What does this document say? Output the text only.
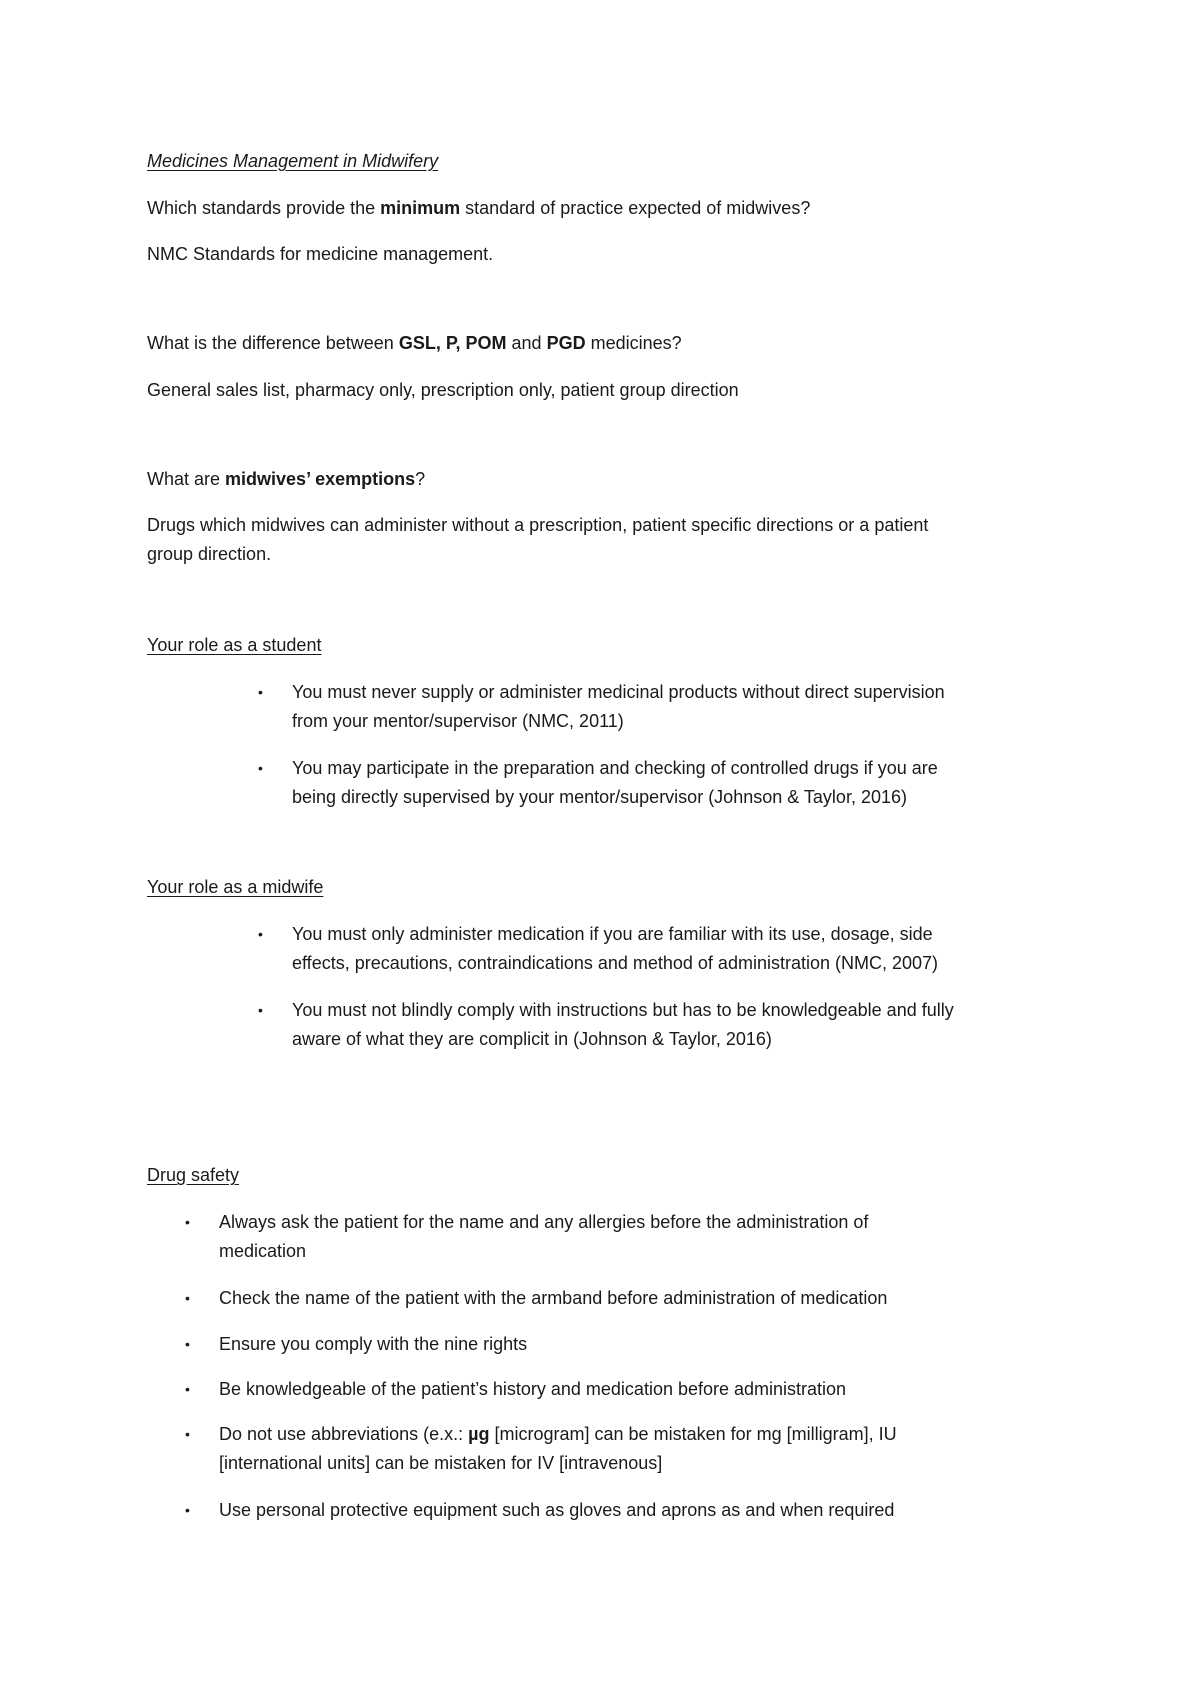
Medicines Management in Midwifery

Which standards provide the minimum standard of practice expected of midwives?

NMC Standards for medicine management.

What is the difference between GSL, P, POM and PGD medicines?

General sales list, pharmacy only, prescription only, patient group direction

What are midwives’ exemptions?

Drugs which midwives can administer without a prescription, patient specific directions or a patient

group direction.

Your role as a student

• You must never supply or administer medicinal products without direct supervision
from your mentor/supervisor (NMC, 2011)
• You may participate in the preparation and checking of controlled drugs if you are
being directly supervised by your mentor/supervisor (Johnson & Taylor, 2016)

Your role as a midwife

• You must only administer medication if you are familiar with its use, dosage, side
effects, precautions, contraindications and method of administration (NMC, 2007)
• You must not blindly comply with instructions but has to be knowledgeable and fully
aware of what they are complicit in (Johnson & Taylor, 2016)

Drug safety

• Always ask the patient for the name and any allergies before the administration of
medication
• Check the name of the patient with the armband before administration of medication
• Ensure you comply with the nine rights
• Be knowledgeable of the patient’s history and medication before administration
• Do not use abbreviations (e.x.: µg [microgram] can be mistaken for mg [milligram], IU
[international units] can be mistaken for IV [intravenous]
• Use personal protective equipment such as gloves and aprons as and when required
